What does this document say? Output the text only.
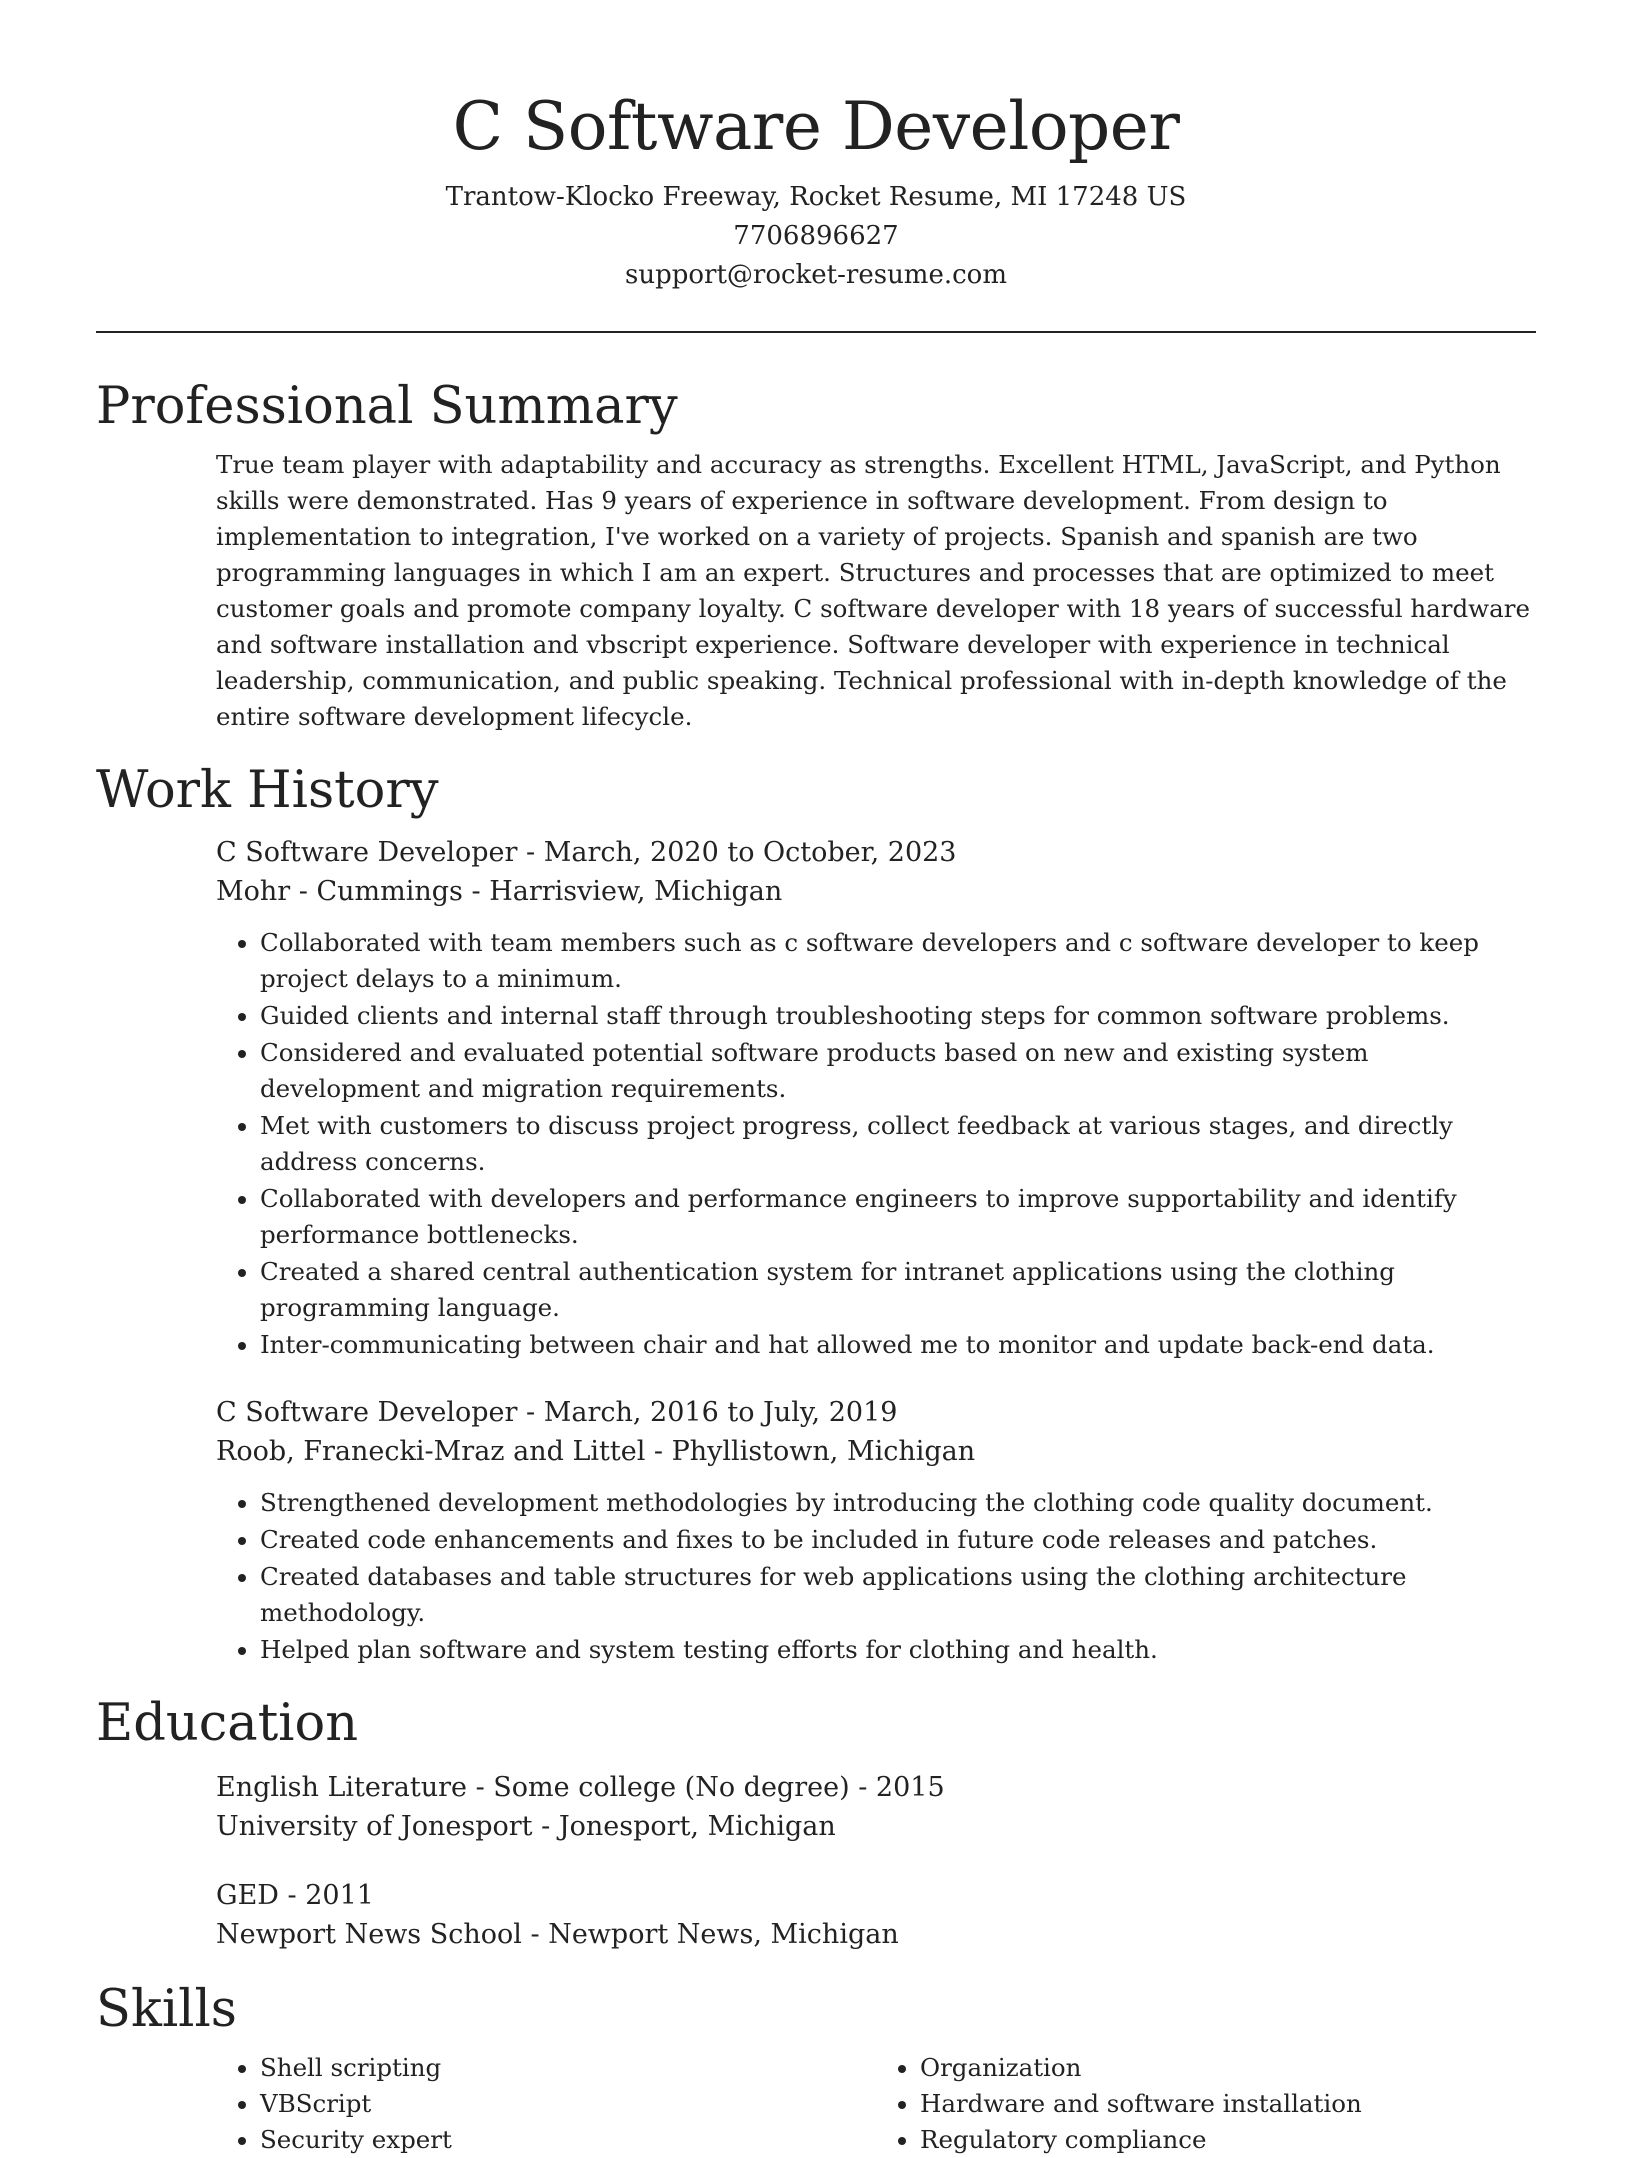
C Software Developer

Trantow-Klocko Freeway, Rocket Resume, MI 17248 US

7706896627

support@rocket-resume.com

Professional Summary

True team player with adaptability and accuracy as strengths. Excellent HTML, JavaScript, and Python skills were demonstrated. Has 9 years of experience in software development. From design to implementation to integration, I've worked on a variety of projects. Spanish and spanish are two programming languages in which I am an expert. Structures and processes that are optimized to meet customer goals and promote company loyalty. C software developer with 18 years of successful hardware and software installation and vbscript experience. Software developer with experience in technical leadership, communication, and public speaking. Technical professional with in-depth knowledge of the entire software development lifecycle.

Work History

C Software Developer - March, 2020 to October, 2023

Mohr - Cummings - Harrisview, Michigan

• Collaborated with team members such as c software developers and c software developer to keep project delays to a minimum.
• Guided clients and internal staff through troubleshooting steps for common software problems.
• Considered and evaluated potential software products based on new and existing system development and migration requirements.
• Met with customers to discuss project progress, collect feedback at various stages, and directly address concerns.
• Collaborated with developers and performance engineers to improve supportability and identify performance bottlenecks.
• Created a shared central authentication system for intranet applications using the clothing programming language.
• Inter-communicating between chair and hat allowed me to monitor and update back-end data.

C Software Developer - March, 2016 to July, 2019

Roob, Franecki-Mraz and Littel - Phyllistown, Michigan

• Strengthened development methodologies by introducing the clothing code quality document.
• Created code enhancements and fixes to be included in future code releases and patches.
• Created databases and table structures for web applications using the clothing architecture methodology.
• Helped plan software and system testing efforts for clothing and health.
Education

English Literature - Some college (No degree) - 2015

University of Jonesport - Jonesport, Michigan

GED - 2011

Newport News School - Newport News, Michigan

Skills
• Shell scripting
• VBScript
• Security expert
• Organization
• Hardware and software installation
• Regulatory compliance
